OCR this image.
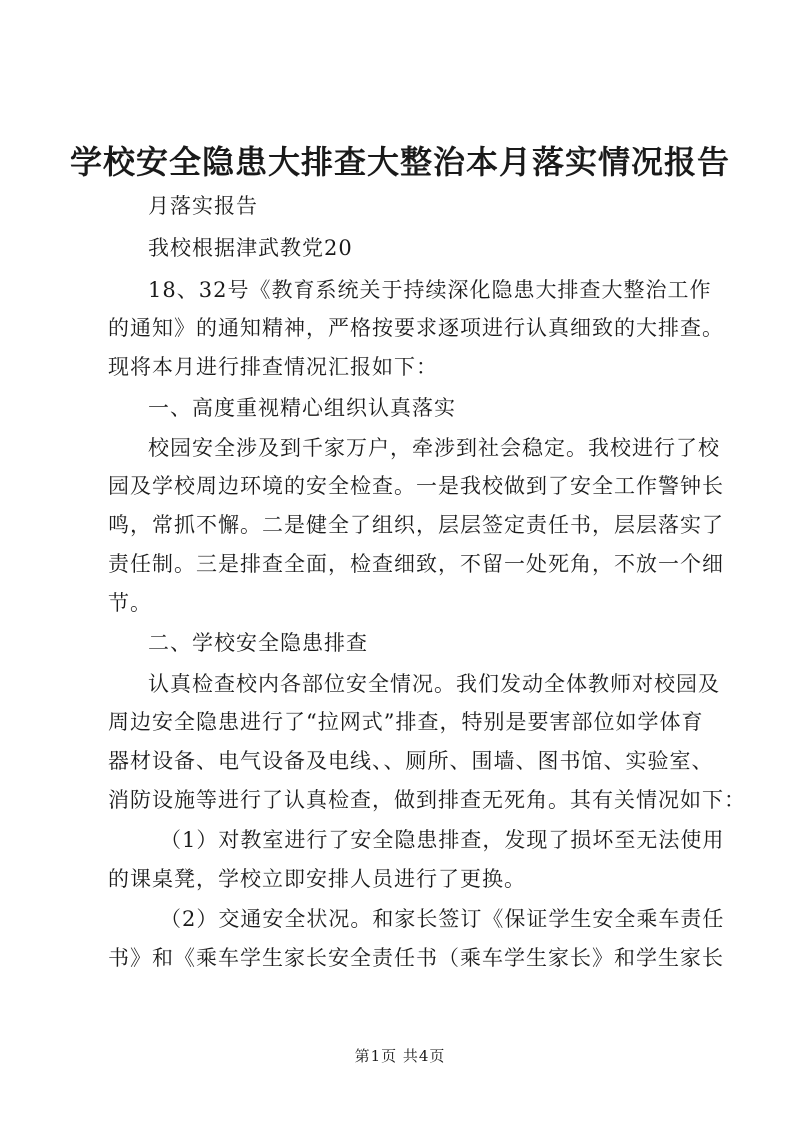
学校安全隐患大排查大整治本月落实情况报告
月落实报告
我校根据津武教党20
18、32号《教育系统关于持续深化隐患大排查大整治工作
的通知》的通知精神，严格按要求逐项进行认真细致的大排查。
现将本月进行排查情况汇报如下：
一、高度重视精心组织认真落实
校园安全涉及到千家万户，牵涉到社会稳定。我校进行了校
园及学校周边环境的安全检查。一是我校做到了安全工作警钟长
鸣，常抓不懈。二是健全了组织，层层签定责任书，层层落实了
责任制。三是排查全面，检查细致，不留一处死角，不放一个细
节。
二、学校安全隐患排查
认真检查校内各部位安全情况。我们发动全体教师对校园及
周边安全隐患进行了“拉网式”排查，特别是要害部位如学体育
器材设备、电气设备及电线、、厕所、围墙、图书馆、实验室、
消防设施等进行了认真检查，做到排查无死角。其有关情况如下：
（1）对教室进行了安全隐患排查，发现了损坏至无法使用
的课桌凳，学校立即安排人员进行了更换。
（2）交通安全状况。和家长签订《保证学生安全乘车责任
书》和《乘车学生家长安全责任书（乘车学生家长》和学生家长
第1页 共4页
